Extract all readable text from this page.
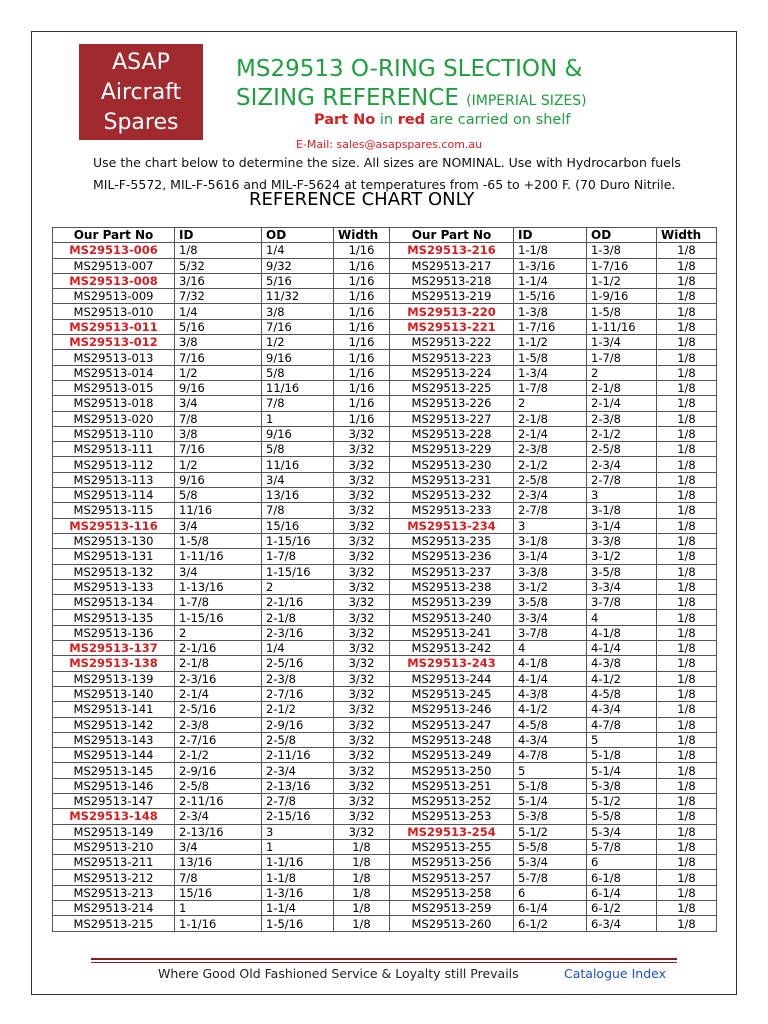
ASAP
Aircraft
Spares
MS29513 O-RING SLECTION &
SIZING REFERENCE (IMPERIAL SIZES)
Part No in red are carried on shelf
E-Mail: sales@asapspares.com.au
Use the chart below to determine the size. All sizes are NOMINAL. Use with Hydrocarbon fuels MIL-F-5572, MIL-F-5616 and MIL-F-5624 at temperatures from -65 to +200 F. (70 Duro Nitrile.
REFERENCE CHART ONLY
Our Part No	ID	OD	Width	Our Part No	ID	OD	Width
MS29513-006	1/8	1/4	1/16	MS29513-216	1-1/8	1-3/8	1/8
MS29513-007	5/32	9/32	1/16	MS29513-217	1-3/16	1-7/16	1/8
MS29513-008	3/16	5/16	1/16	MS29513-218	1-1/4	1-1/2	1/8
MS29513-009	7/32	11/32	1/16	MS29513-219	1-5/16	1-9/16	1/8
MS29513-010	1/4	3/8	1/16	MS29513-220	1-3/8	1-5/8	1/8
MS29513-011	5/16	7/16	1/16	MS29513-221	1-7/16	1-11/16	1/8
MS29513-012	3/8	1/2	1/16	MS29513-222	1-1/2	1-3/4	1/8
MS29513-013	7/16	9/16	1/16	MS29513-223	1-5/8	1-7/8	1/8
MS29513-014	1/2	5/8	1/16	MS29513-224	1-3/4	2	1/8
MS29513-015	9/16	11/16	1/16	MS29513-225	1-7/8	2-1/8	1/8
MS29513-018	3/4	7/8	1/16	MS29513-226	2	2-1/4	1/8
MS29513-020	7/8	1	1/16	MS29513-227	2-1/8	2-3/8	1/8
MS29513-110	3/8	9/16	3/32	MS29513-228	2-1/4	2-1/2	1/8
MS29513-111	7/16	5/8	3/32	MS29513-229	2-3/8	2-5/8	1/8
MS29513-112	1/2	11/16	3/32	MS29513-230	2-1/2	2-3/4	1/8
MS29513-113	9/16	3/4	3/32	MS29513-231	2-5/8	2-7/8	1/8
MS29513-114	5/8	13/16	3/32	MS29513-232	2-3/4	3	1/8
MS29513-115	11/16	7/8	3/32	MS29513-233	2-7/8	3-1/8	1/8
MS29513-116	3/4	15/16	3/32	MS29513-234	3	3-1/4	1/8
MS29513-130	1-5/8	1-15/16	3/32	MS29513-235	3-1/8	3-3/8	1/8
MS29513-131	1-11/16	1-7/8	3/32	MS29513-236	3-1/4	3-1/2	1/8
MS29513-132	3/4	1-15/16	3/32	MS29513-237	3-3/8	3-5/8	1/8
MS29513-133	1-13/16	2	3/32	MS29513-238	3-1/2	3-3/4	1/8
MS29513-134	1-7/8	2-1/16	3/32	MS29513-239	3-5/8	3-7/8	1/8
MS29513-135	1-15/16	2-1/8	3/32	MS29513-240	3-3/4	4	1/8
MS29513-136	2	2-3/16	3/32	MS29513-241	3-7/8	4-1/8	1/8
MS29513-137	2-1/16	1/4	3/32	MS29513-242	4	4-1/4	1/8
MS29513-138	2-1/8	2-5/16	3/32	MS29513-243	4-1/8	4-3/8	1/8
MS29513-139	2-3/16	2-3/8	3/32	MS29513-244	4-1/4	4-1/2	1/8
MS29513-140	2-1/4	2-7/16	3/32	MS29513-245	4-3/8	4-5/8	1/8
MS29513-141	2-5/16	2-1/2	3/32	MS29513-246	4-1/2	4-3/4	1/8
MS29513-142	2-3/8	2-9/16	3/32	MS29513-247	4-5/8	4-7/8	1/8
MS29513-143	2-7/16	2-5/8	3/32	MS29513-248	4-3/4	5	1/8
MS29513-144	2-1/2	2-11/16	3/32	MS29513-249	4-7/8	5-1/8	1/8
MS29513-145	2-9/16	2-3/4	3/32	MS29513-250	5	5-1/4	1/8
MS29513-146	2-5/8	2-13/16	3/32	MS29513-251	5-1/8	5-3/8	1/8
MS29513-147	2-11/16	2-7/8	3/32	MS29513-252	5-1/4	5-1/2	1/8
MS29513-148	2-3/4	2-15/16	3/32	MS29513-253	5-3/8	5-5/8	1/8
MS29513-149	2-13/16	3	3/32	MS29513-254	5-1/2	5-3/4	1/8
MS29513-210	3/4	1	1/8	MS29513-255	5-5/8	5-7/8	1/8
MS29513-211	13/16	1-1/16	1/8	MS29513-256	5-3/4	6	1/8
MS29513-212	7/8	1-1/8	1/8	MS29513-257	5-7/8	6-1/8	1/8
MS29513-213	15/16	1-3/16	1/8	MS29513-258	6	6-1/4	1/8
MS29513-214	1	1-1/4	1/8	MS29513-259	6-1/4	6-1/2	1/8
MS29513-215	1-1/16	1-5/16	1/8	MS29513-260	6-1/2	6-3/4	1/8
Where Good Old Fashioned Service & Loyalty still Prevails	Catalogue Index
